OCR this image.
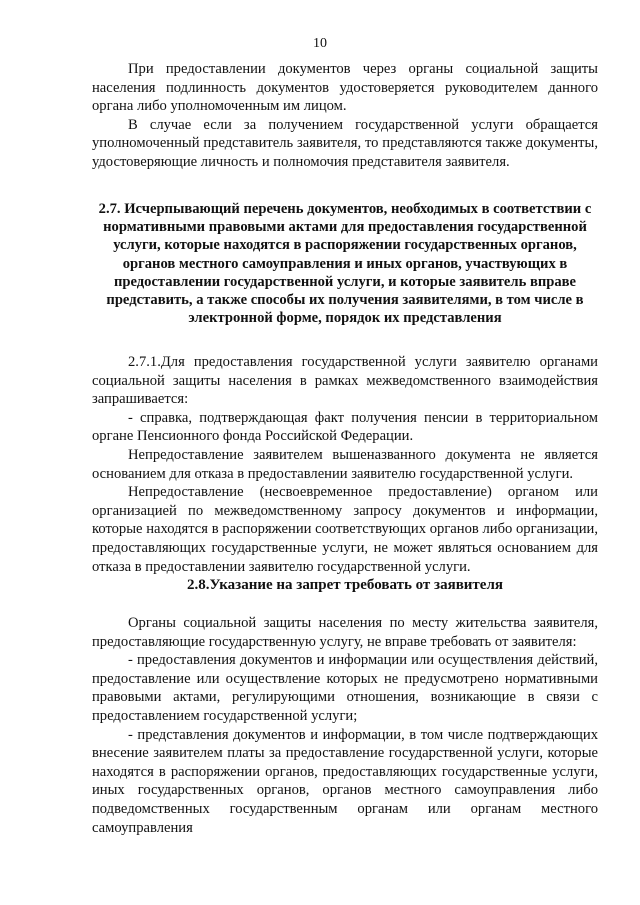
10

При предоставлении документов через органы социальной защиты населения подлинность документов удостоверяется руководителем данного органа либо уполномоченным им лицом.

В случае если за получением государственной услуги обращается уполномоченный представитель заявителя, то представляются также документы, удостоверяющие личность и полномочия представителя заявителя.

2.7. Исчерпывающий перечень документов, необходимых в соответствии с нормативными правовыми актами для предоставления государственной услуги, которые находятся в распоряжении государственных органов, органов местного самоуправления и иных органов, участвующих в предоставлении государственной услуги, и которые заявитель вправе представить, а также способы их получения заявителями, в том числе в электронной форме, порядок их представления

2.7.1.Для предоставления государственной услуги заявителю органами социальной защиты населения в рамках межведомственного взаимодействия запрашивается:

- справка, подтверждающая факт получения пенсии в территориальном органе Пенсионного фонда Российской Федерации.

Непредоставление заявителем вышеназванного документа не является основанием для отказа в предоставлении заявителю государственной услуги.

Непредоставление (несвоевременное предоставление) органом или организацией по межведомственному запросу документов и информации, которые находятся в распоряжении соответствующих органов либо организации, предоставляющих государственные услуги, не может являться основанием для отказа в предоставлении заявителю государственной услуги.

2.8.Указание на запрет требовать от заявителя

Органы социальной защиты населения по месту жительства заявителя, предоставляющие государственную услугу, не вправе требовать от заявителя:

- предоставления документов и информации или осуществления действий, предоставление или осуществление которых не предусмотрено нормативными правовыми актами, регулирующими отношения, возникающие в связи с предоставлением государственной услуги;

- представления документов и информации, в том числе подтверждающих внесение заявителем платы за предоставление государственной услуги, которые находятся в распоряжении органов, предоставляющих государственные услуги, иных государственных органов, органов местного самоуправления либо подведомственных государственным органам или органам местного самоуправления
